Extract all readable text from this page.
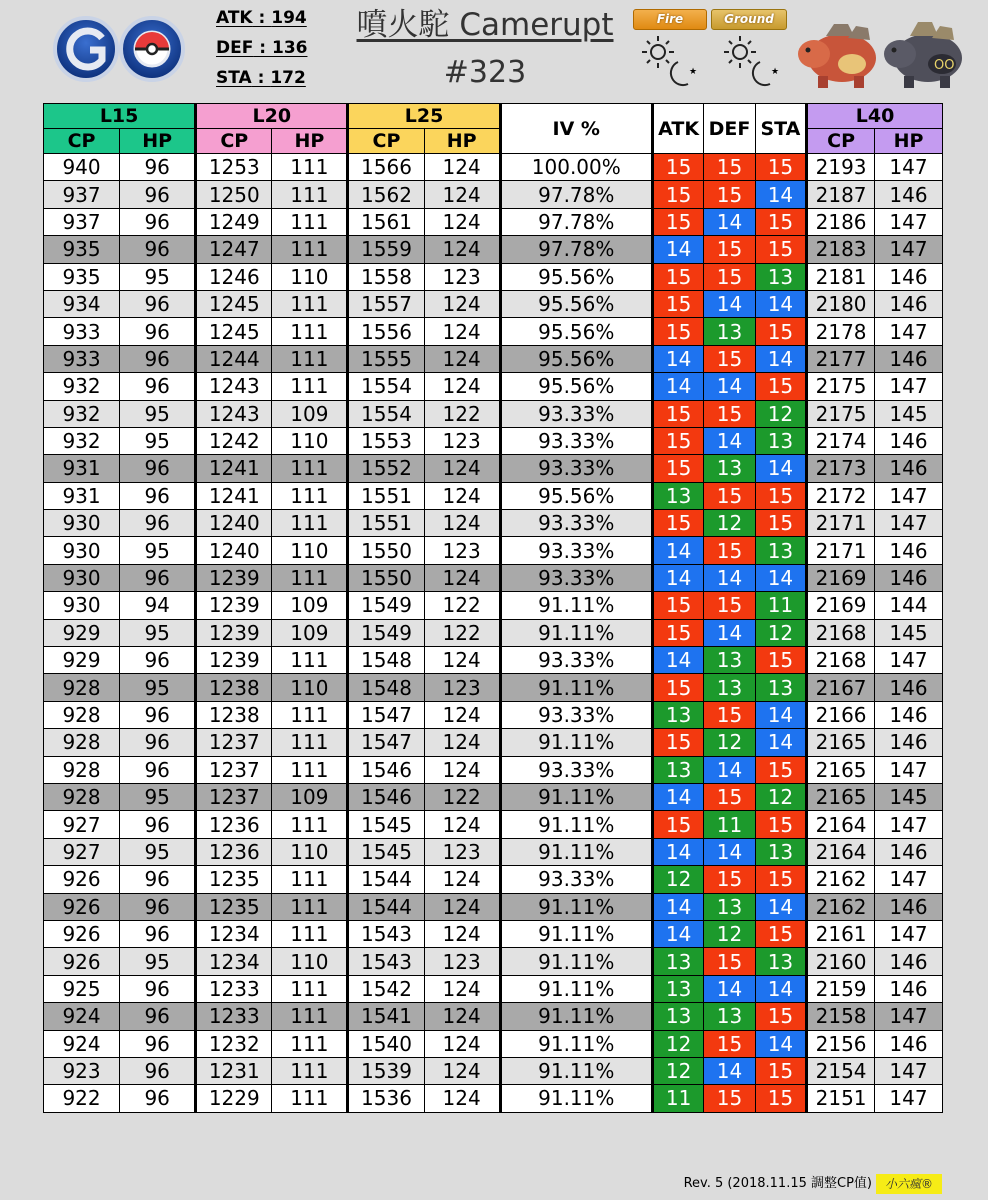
ATK : 194
DEF : 136
STA : 172
噴火駝 Camerupt
#323
Fire	Ground
★	★	OO
L15		L20		L25		IV %	ATK	DEF	STA	L40	
CP	HP	CP	HP	CP	HP					CP	HP
940	96	1253	111	1566	124	100.00%	15	15	15	2193	147
937	96	1250	111	1562	124	97.78%	15	15	14	2187	146
937	96	1249	111	1561	124	97.78%	15	14	15	2186	147
935	96	1247	111	1559	124	97.78%	14	15	15	2183	147
935	95	1246	110	1558	123	95.56%	15	15	13	2181	146
934	96	1245	111	1557	124	95.56%	15	14	14	2180	146
933	96	1245	111	1556	124	95.56%	15	13	15	2178	147
933	96	1244	111	1555	124	95.56%	14	15	14	2177	146
932	96	1243	111	1554	124	95.56%	14	14	15	2175	147
932	95	1243	109	1554	122	93.33%	15	15	12	2175	145
932	95	1242	110	1553	123	93.33%	15	14	13	2174	146
931	96	1241	111	1552	124	93.33%	15	13	14	2173	146
931	96	1241	111	1551	124	95.56%	13	15	15	2172	147
930	96	1240	111	1551	124	93.33%	15	12	15	2171	147
930	95	1240	110	1550	123	93.33%	14	15	13	2171	146
930	96	1239	111	1550	124	93.33%	14	14	14	2169	146
930	94	1239	109	1549	122	91.11%	15	15	11	2169	144
929	95	1239	109	1549	122	91.11%	15	14	12	2168	145
929	96	1239	111	1548	124	93.33%	14	13	15	2168	147
928	95	1238	110	1548	123	91.11%	15	13	13	2167	146
928	96	1238	111	1547	124	93.33%	13	15	14	2166	146
928	96	1237	111	1547	124	91.11%	15	12	14	2165	146
928	96	1237	111	1546	124	93.33%	13	14	15	2165	147
928	95	1237	109	1546	122	91.11%	14	15	12	2165	145
927	96	1236	111	1545	124	91.11%	15	11	15	2164	147
927	95	1236	110	1545	123	91.11%	14	14	13	2164	146
926	96	1235	111	1544	124	93.33%	12	15	15	2162	147
926	96	1235	111	1544	124	91.11%	14	13	14	2162	146
926	96	1234	111	1543	124	91.11%	14	12	15	2161	147
926	95	1234	110	1543	123	91.11%	13	15	13	2160	146
925	96	1233	111	1542	124	91.11%	13	14	14	2159	146
924	96	1233	111	1541	124	91.11%	13	13	15	2158	147
924	96	1232	111	1540	124	91.11%	12	15	14	2156	146
923	96	1231	111	1539	124	91.11%	12	14	15	2154	147
922	96	1229	111	1536	124	91.11%	11	15	15	2151	147
Rev. 5 (2018.11.15 調整CP值)	小六瘋®
